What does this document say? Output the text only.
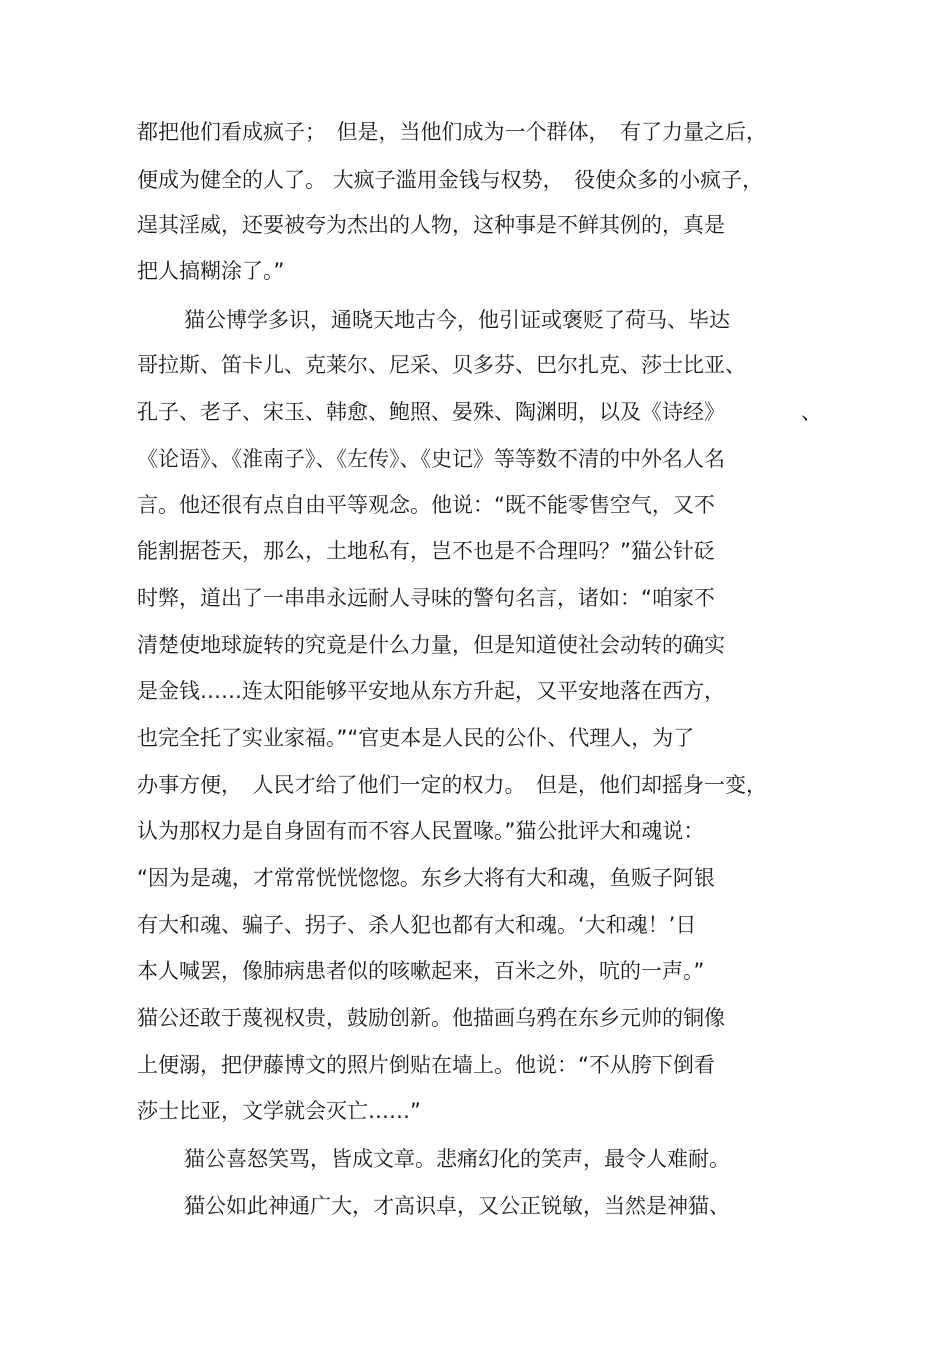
都把他们看成疯子；　但是，当他们成为一个群体，　有了力量之后，
便成为健全的人了。 大疯子滥用金钱与权势，　役使众多的小疯子，
逞其淫威，还要被夸为杰出的人物，这种事是不鲜其例的，真是
把人搞糊涂了。”
猫公博学多识，通晓天地古今，他引证或褒贬了荷马、毕达
哥拉斯、笛卡儿、克莱尔、尼采、贝多芬、巴尔扎克、莎士比亚、
孔子、老子、宋玉、韩愈、鲍照、晏殊、陶渊明，以及《诗经》	、
《论语》、《淮南子》、《左传》、《史记》等等数不清的中外名人名
言。他还很有点自由平等观念。他说：“既不能零售空气，又不
能割据苍天，那么，土地私有，岂不也是不合理吗？”猫公针砭
时弊，道出了一串串永远耐人寻味的警句名言，诸如：“咱家不
清楚使地球旋转的究竟是什么力量，但是知道使社会动转的确实
是金钱……连太阳能够平安地从东方升起，又平安地落在西方，
也完全托了实业家福。”“官吏本是人民的公仆、代理人，为了
办事方便，　人民才给了他们一定的权力。　但是，他们却摇身一变，
认为那权力是自身固有而不容人民置喙。”猫公批评大和魂说：
“因为是魂，才常常恍恍惚惚。东乡大将有大和魂，鱼贩子阿银
有大和魂、骗子、拐子、杀人犯也都有大和魂。‘大和魂！’日
本人喊罢，像肺病患者似的咳嗽起来，百米之外，吭的一声。”
猫公还敢于蔑视权贵，鼓励创新。他描画乌鸦在东乡元帅的铜像
上便溺，把伊藤博文的照片倒贴在墙上。他说：“不从胯下倒看
莎士比亚，文学就会灭亡……”
猫公喜怒笑骂，皆成文章。悲痛幻化的笑声，最令人难耐。
猫公如此神通广大，才高识卓，又公正锐敏，当然是神猫、
